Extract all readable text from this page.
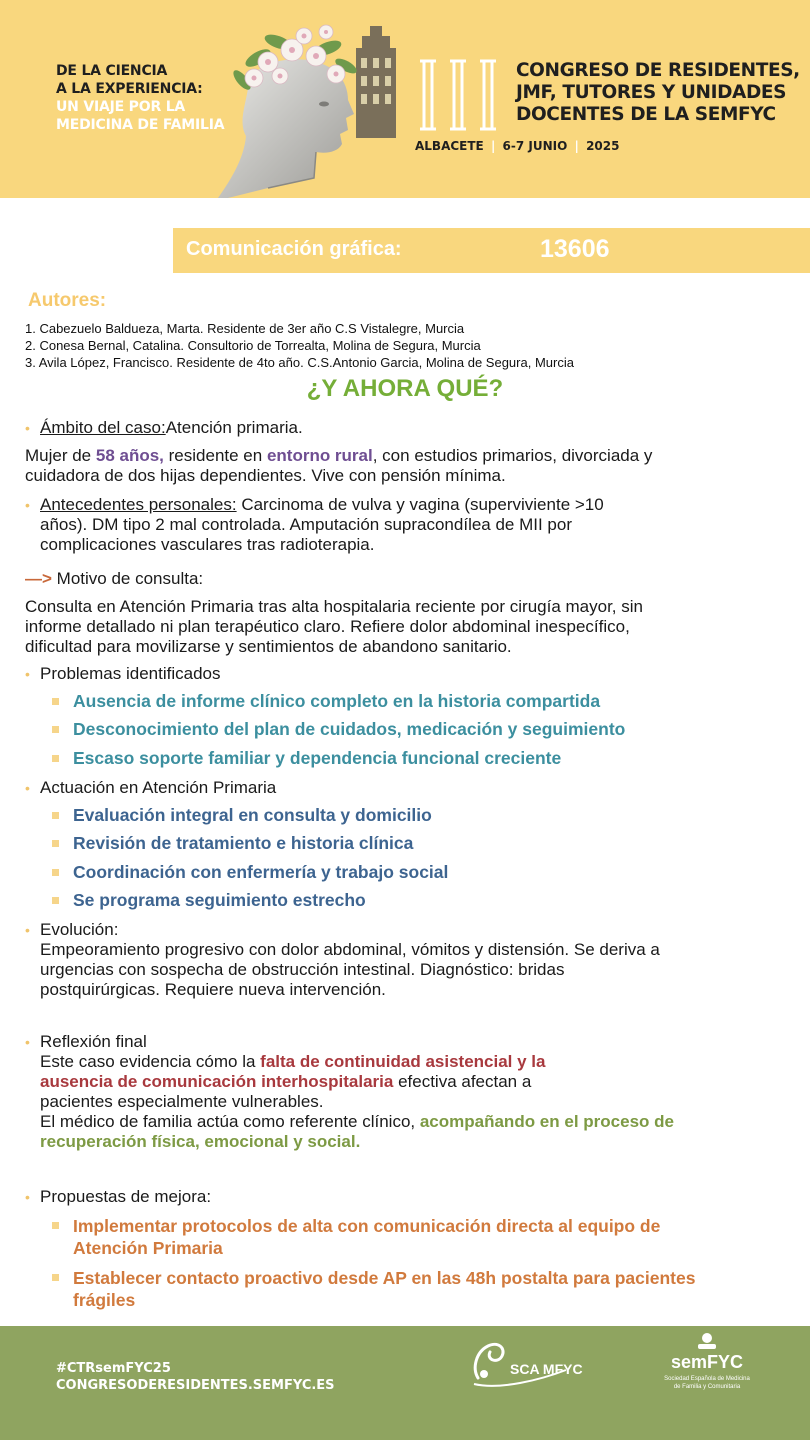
DE LA CIENCIA
A LA EXPERIENCIA:
UN VIAJE POR LA
MEDICINA DE FAMILIA
III
CONGRESO DE RESIDENTES,
JMF, TUTORES Y UNIDADES
DOCENTES DE LA SEMFYC
ALBACETE | 6-7 JUNIO | 2025
Comunicación gráfica:	13606
Autores:
1. Cabezuelo Baldueza, Marta. Residente de 3er año C.S Vistalegre, Murcia
2. Conesa Bernal, Catalina. Consultorio de Torrealta, Molina de Segura, Murcia
3. Avila López, Francisco. Residente de 4to año. C.S.Antonio Garcia, Molina de Segura, Murcia
¿Y AHORA QUÉ?
• Ámbito del caso:Atención primaria.
Mujer de 58 años, residente en entorno rural, con estudios primarios, divorciada y
cuidadora de dos hijas dependientes. Vive con pensión mínima.
• Antecedentes personales: Carcinoma de vulva y vagina (superviviente >10
años). DM tipo 2 mal controlada. Amputación supracondílea de MII por
complicaciones vasculares tras radioterapia.
—> Motivo de consulta:
Consulta en Atención Primaria tras alta hospitalaria reciente por cirugía mayor, sin
informe detallado ni plan terapéutico claro. Refiere dolor abdominal inespecífico,
dificultad para movilizarse y sentimientos de abandono sanitario.
• Problemas identificados
Ausencia de informe clínico completo en la historia compartida
Desconocimiento del plan de cuidados, medicación y seguimiento
Escaso soporte familiar y dependencia funcional creciente
• Actuación en Atención Primaria
Evaluación integral en consulta y domicilio
Revisión de tratamiento e historia clínica
Coordinación con enfermería y trabajo social
Se programa seguimiento estrecho
• Evolución:
Empeoramiento progresivo con dolor abdominal, vómitos y distensión. Se deriva a
urgencias con sospecha de obstrucción intestinal. Diagnóstico: bridas
postquirúrgicas. Requiere nueva intervención.
• Reflexión final
Este caso evidencia cómo la falta de continuidad asistencial y la
ausencia de comunicación interhospitalaria efectiva afectan a
pacientes especialmente vulnerables.
El médico de familia actúa como referente clínico, acompañando en el proceso de
recuperación física, emocional y social.
• Propuestas de mejora:
Implementar protocolos de alta con comunicación directa al equipo de
Atención Primaria
Establecer contacto proactivo desde AP en las 48h postalta para pacientes
frágiles
#CTRsemFYC25
CONGRESODERESIDENTES.SEMFYC.ES
SCA MFYC	semFYC
Sociedad Española de Medicina
de Familia y Comunitaria
